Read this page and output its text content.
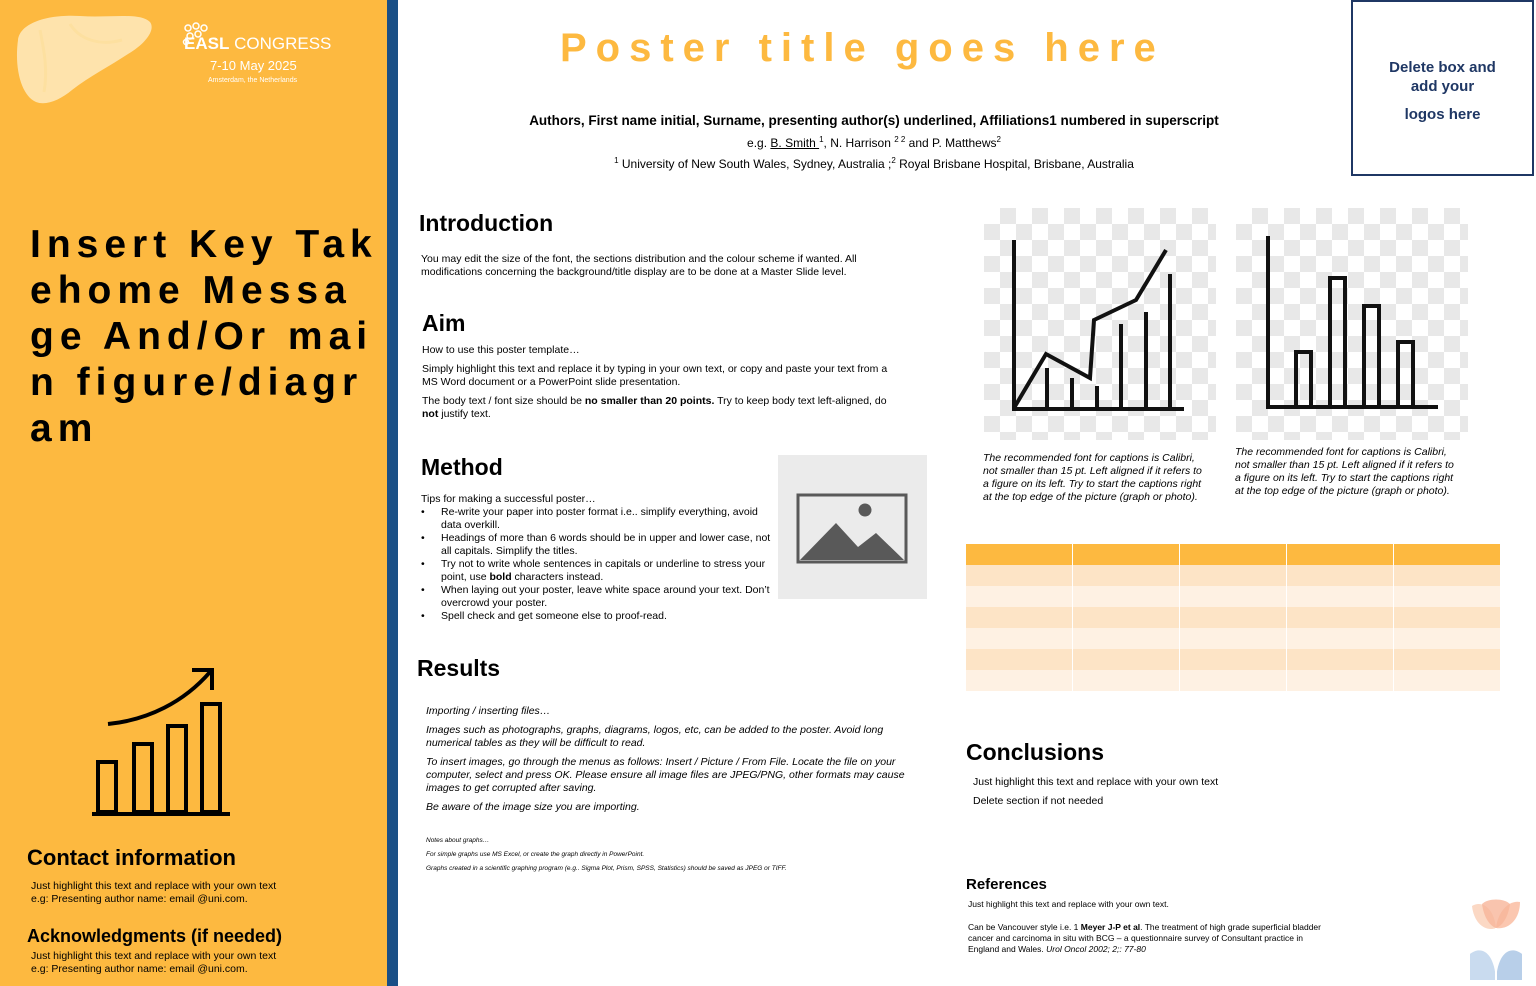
EASL CONGRESS
7-10 May 2025
Amsterdam, the Netherlands
Insert Key Takehome Message And/Or main figure/diagram
Contact information
Just highlight this text and replace with your own text
e.g: Presenting author name: email @uni.com.
Acknowledgments (if needed)
Just highlight this text and replace with your own text
e.g: Presenting author name: email @uni.com.
Poster title goes here
Authors, First name initial, Surname, presenting author(s) underlined, Affiliations1 numbered in superscript
e.g. B. Smith $^1$, N. Harrison $^{2 2}$ and P. Matthews$^2$
$^1$ University of New South Wales, Sydney, Australia ;$^2$ Royal Brisbane Hospital, Brisbane, Australia
Delete box and
add your
logos here
Introduction
You may edit the size of the font, the sections distribution and the colour scheme if wanted. All modifications concerning the background/title display are to be done at a Master Slide level.
Aim

How to use this poster template…

Simply highlight this text and replace it by typing in your own text, or copy and paste your text from a MS Word document or a PowerPoint slide presentation.

The body text / font size should be no smaller than 20 points. Try to keep body text left-aligned, do not justify text.

Method
Tips for making a successful poster…
• Re-write your paper into poster format i.e.. simplify everything, avoid data overkill.
• Headings of more than 6 words should be in upper and lower case, not all capitals. Simplify the titles.
• Try not to write whole sentences in capitals or underline to stress your point, use bold characters instead.
• When laying out your poster, leave white space around your text. Don’t overcrowd your poster.
• Spell check and get someone else to proof-read.
Results

Importing / inserting files…

Images such as photographs, graphs, diagrams, logos, etc, can be added to the poster. Avoid long numerical tables as they will be difficult to read.

To insert images, go through the menus as follows: Insert / Picture / From File. Locate the file on your computer, select and press OK. Please ensure all image files are JPEG/PNG, other formats may cause images to get corrupted after saving.

Be aware of the image size you are importing.

Notes about graphs…
For simple graphs use MS Excel, or create the graph directly in PowerPoint.
Graphs created in a scientific graphing program (e.g.. Sigma Plot, Prism, SPSS, Statistics) should be saved as JPEG or TIFF.
The recommended font for captions is Calibri, not smaller than 15 pt. Left aligned if it refers to a figure on its left. Try to start the captions right at the top edge of the picture (graph or photo).
The recommended font for captions is Calibri, not smaller than 15 pt. Left aligned if it refers to a figure on its left. Try to start the captions right at the top edge of the picture (graph or photo).

Conclusions

Just highlight this text and replace with your own text

Delete section if not needed

References
Just highlight this text and replace with your own text.
Can be Vancouver style i.e. 1 Meyer J-P et al. The treatment of high grade superficial bladder cancer and carcinoma in situ with BCG – a questionnaire survey of Consultant practice in England and Wales. Urol Oncol 2002; 2;: 77-80
